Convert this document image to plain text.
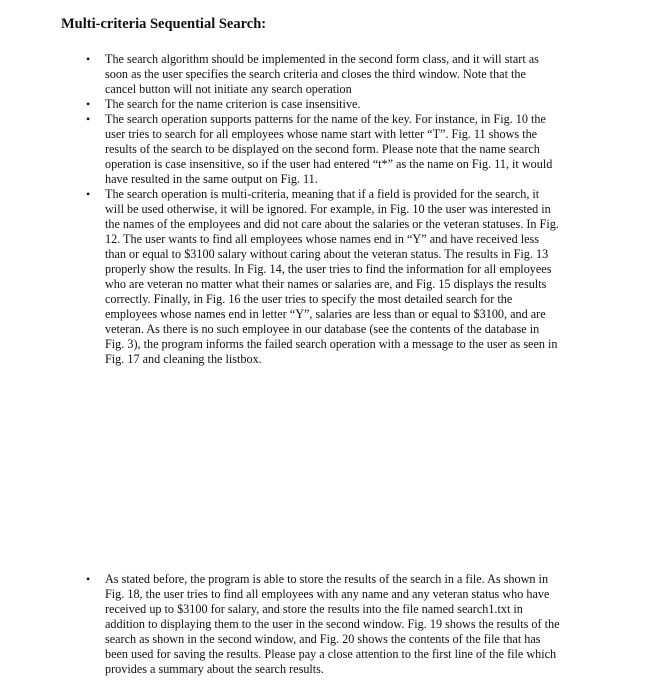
Multi-criteria Sequential Search:
•	The search algorithm should be implemented in the second form class, and it will start as soon as the user specifies the search criteria and closes the third window. Note that the cancel button will not initiate any search operation
•	The search for the name criterion is case insensitive.
•	The search operation supports patterns for the name of the key. For instance, in Fig. 10 the user tries to search for all employees whose name start with letter “T”. Fig. 11 shows the results of the search to be displayed on the second form. Please note that the name search operation is case insensitive, so if the user had entered “t*” as the name on Fig. 11, it would have resulted in the same output on Fig. 11.
•	The search operation is multi-criteria, meaning that if a field is provided for the search, it will be used otherwise, it will be ignored. For example, in Fig. 10 the user was interested in the names of the employees and did not care about the salaries or the veteran statuses. In Fig. 12. The user wants to find all employees whose names end in “Y” and have received less than or equal to $3100 salary without caring about the veteran status. The results in Fig. 13 properly show the results. In Fig. 14, the user tries to find the information for all employees who are veteran no matter what their names or salaries are, and Fig. 15 displays the results correctly. Finally, in Fig. 16 the user tries to specify the most detailed search for the employees whose names end in letter “Y”, salaries are less than or equal to $3100, and are veteran. As there is no such employee in our database (see the contents of the database in Fig. 3), the program informs the failed search operation with a message to the user as seen in Fig. 17 and cleaning the listbox.
•	As stated before, the program is able to store the results of the search in a file. As shown in Fig. 18, the user tries to find all employees with any name and any veteran status who have received up to $3100 for salary, and store the results into the file named search1.txt in addition to displaying them to the user in the second window. Fig. 19 shows the results of the search as shown in the second window, and Fig. 20 shows the contents of the file that has been used for saving the results. Please pay a close attention to the first line of the file which provides a summary about the search results.
